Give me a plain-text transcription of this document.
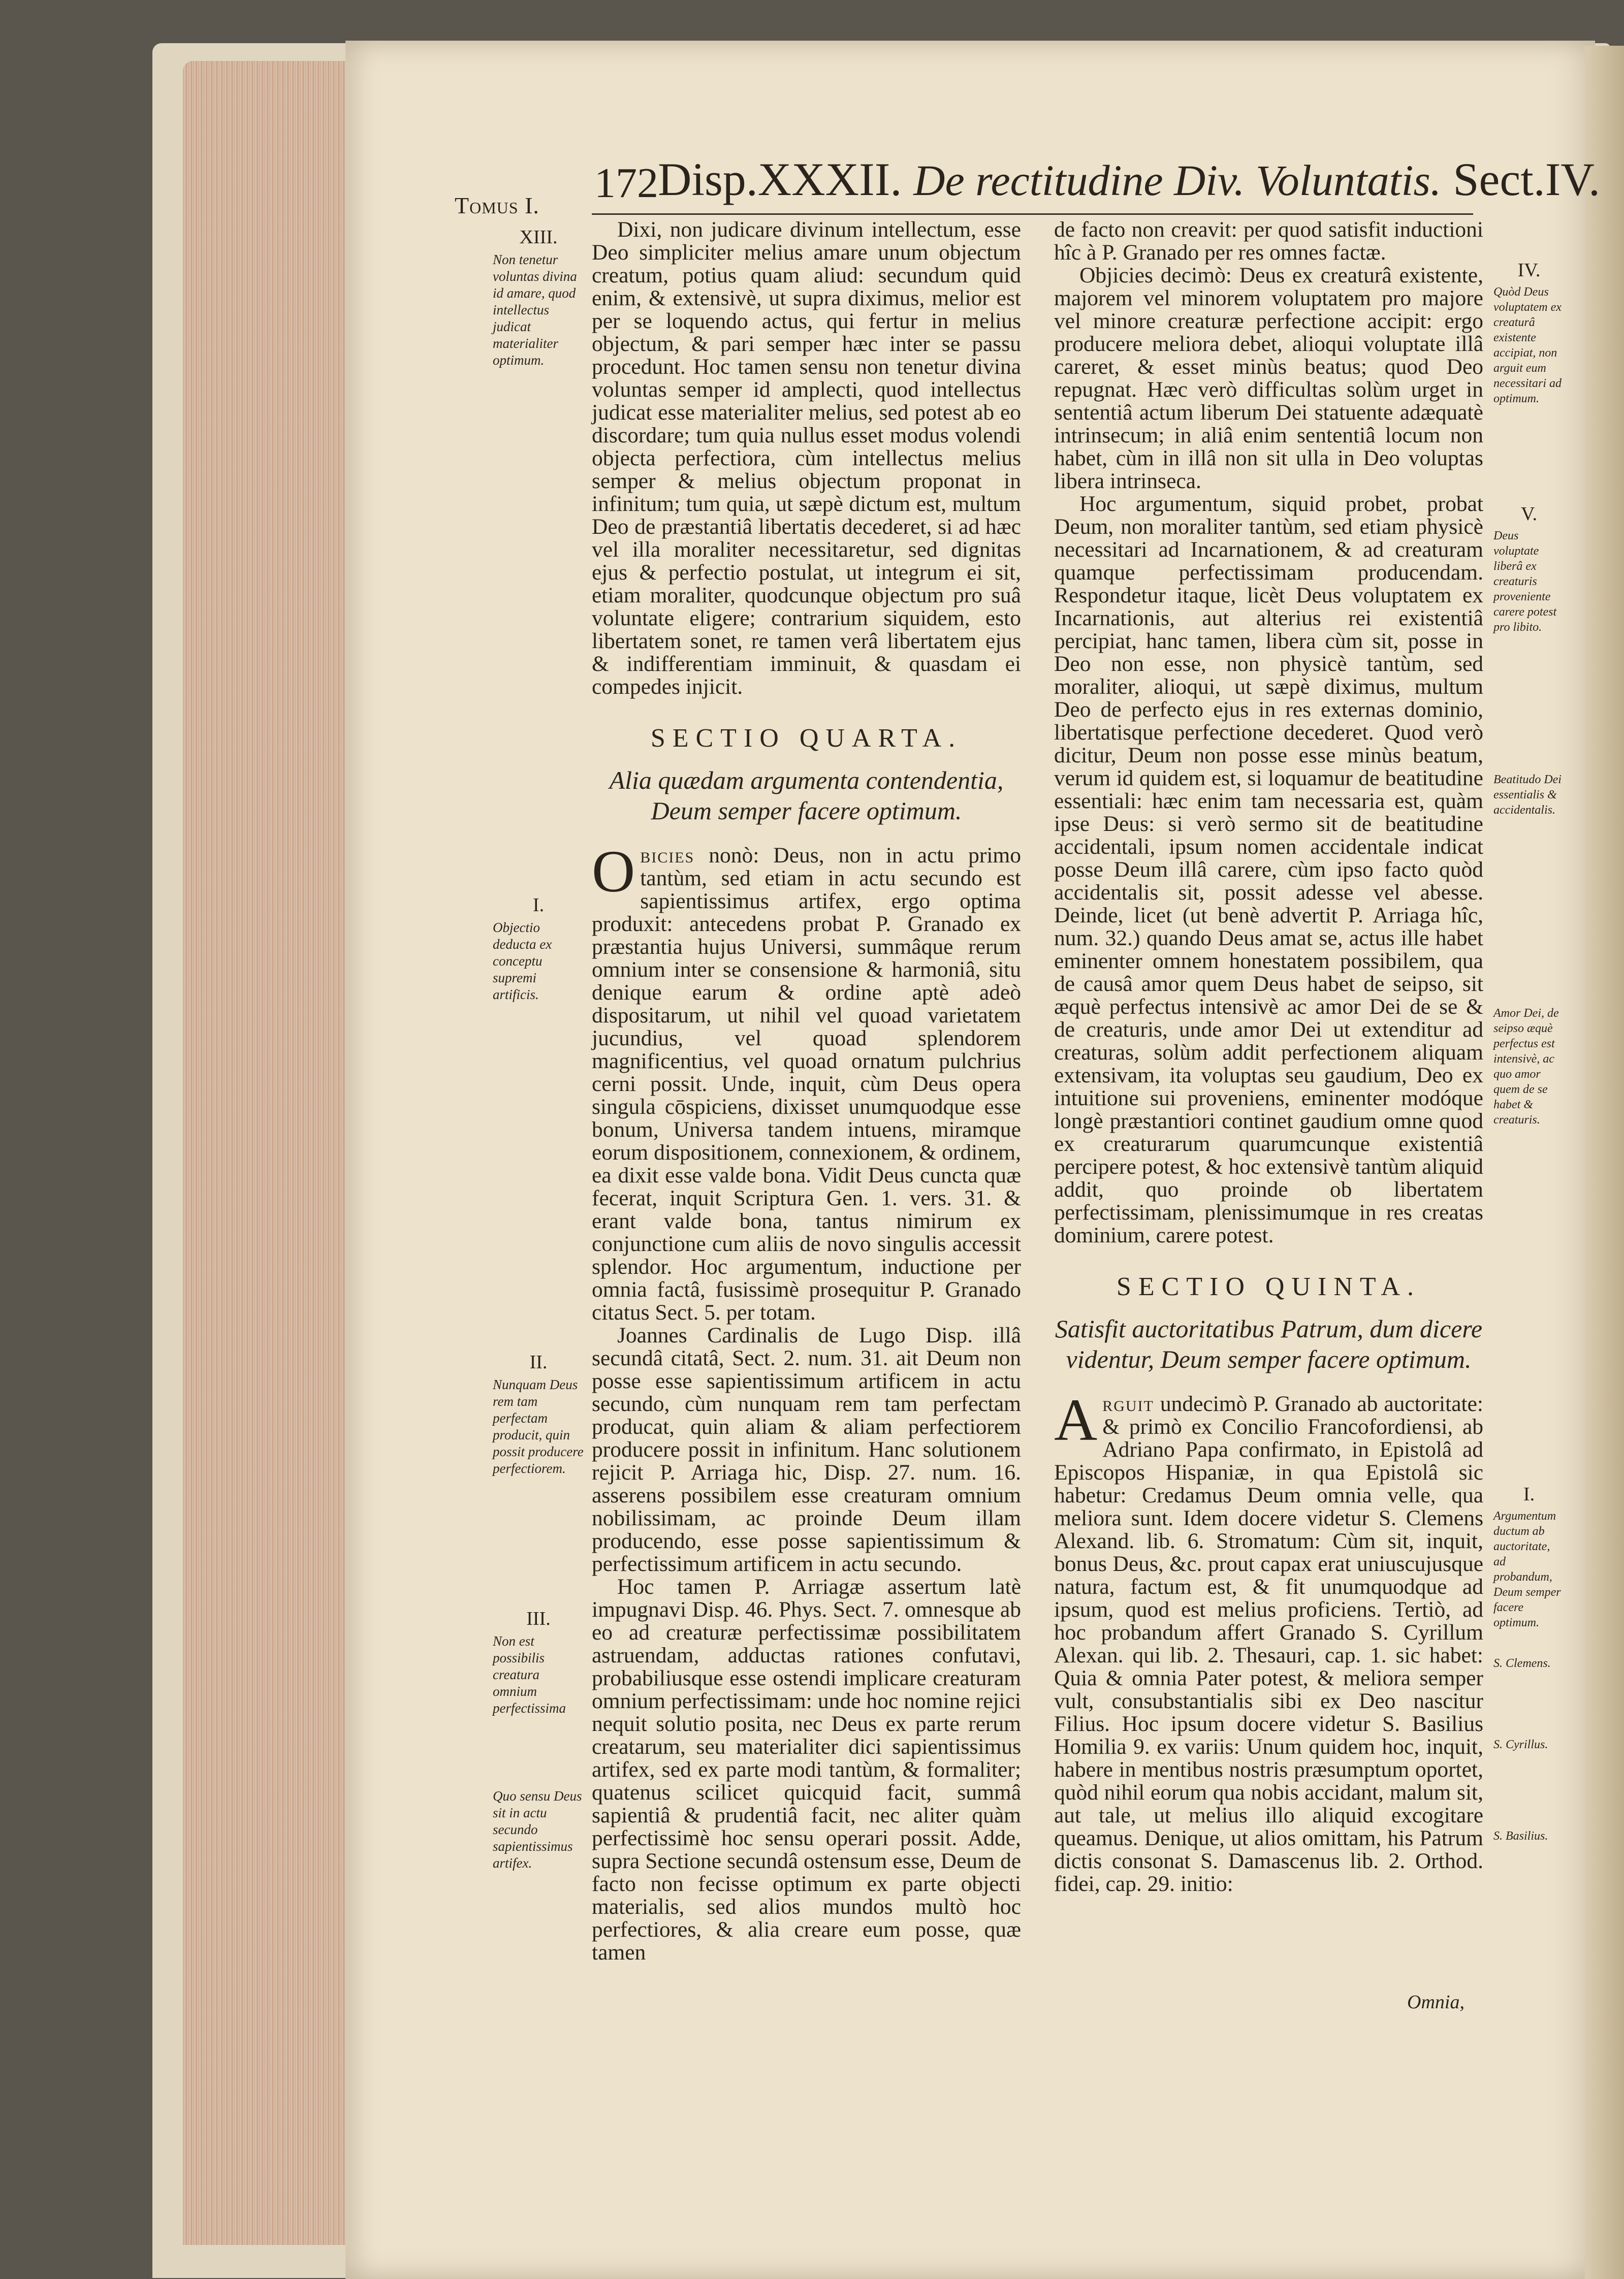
Tomus I. 172 Disp.XXXII. De rectitudine Div. Voluntatis. Sect.IV.

Dixi, non judicare divinum intellectum, esse Deo simpliciter melius amare unum objectum creatum, potius quam aliud: secundum quid enim, & extensivè, ut supra diximus, melior est per se loquendo actus, qui fertur in melius objectum, & pari semper hæc inter se passu procedunt. Hoc tamen sensu non tenetur divina voluntas semper id amplecti, quod intellectus judicat esse materialiter melius, sed potest ab eo discordare; tum quia nullus esset modus volendi objecta perfectiora, cùm intellectus melius semper & melius objectum proponat in infinitum; tum quia, ut sæpè dictum est, multum Deo de præstantiâ libertatis decederet, si ad hæc vel illa moraliter necessitaretur, sed dignitas ejus & perfectio postulat, ut integrum ei sit, etiam moraliter, quodcunque objectum pro suâ voluntate eligere; contrarium siquidem, esto libertatem sonet, re tamen verâ libertatem ejus & indifferentiam imminuit, & quasdam ei compedes injicit.

SECTIO QUARTA.
Alia quædam argumenta contendentia, Deum semper facere optimum.

Obicies nonò: Deus, non in actu primo tantùm, sed etiam in actu secundo est sapientissimus artifex, ergo optima produxit: antecedens probat P. Granado ex præstantia hujus Universi, summâque rerum omnium inter se consensione & harmoniâ, situ denique earum & ordine aptè adeò dispositarum, ut nihil vel quoad varietatem jucundius, vel quoad splendorem magnificentius, vel quoad ornatum pulchrius cerni possit. Unde, inquit, cùm Deus opera singula cōspiciens, dixisset unumquodque esse bonum, Universa tandem intuens, miramque eorum dispositionem, connexionem, & ordinem, ea dixit esse valde bona. Vidit Deus cuncta quæ fecerat, inquit Scriptura Gen. 1. vers. 31. & erant valde bona, tantus nimirum ex conjunctione cum aliis de novo singulis accessit splendor. Hoc argumentum, inductione per omnia factâ, fusissimè prosequitur P. Granado citatus Sect. 5. per totam.

Joannes Cardinalis de Lugo Disp. illâ secundâ citatâ, Sect. 2. num. 31. ait Deum non posse esse sapientissimum artificem in actu secundo, cùm nunquam rem tam perfectam producat, quin aliam & aliam perfectiorem producere possit in infinitum. Hanc solutionem rejicit P. Arriaga hic, Disp. 27. num. 16. asserens possibilem esse creaturam omnium nobilissimam, ac proinde Deum illam producendo, esse posse sapientissimum & perfectissimum artificem in actu secundo.

Hoc tamen P. Arriagæ assertum latè impugnavi Disp. 46. Phys. Sect. 7. omnesque ab eo ad creaturæ perfectissimæ possibilitatem astruendam, adductas rationes confutavi, probabiliusque esse ostendi implicare creaturam omnium perfectissimam: unde hoc nomine rejici nequit solutio posita, nec Deus ex parte rerum creatarum, seu materialiter dici sapientissimus artifex, sed ex parte modi tantùm, & formaliter; quatenus scilicet quicquid facit, summâ sapientiâ & prudentiâ facit, nec aliter quàm perfectissimè hoc sensu operari possit. Adde, supra Sectione secundâ ostensum esse, Deum de facto non fecisse optimum ex parte objecti materialis, sed alios mundos multò hoc perfectiores, & alia creare eum posse, quæ tamen

de facto non creavit: per quod satisfit inductioni hîc à P. Granado per res omnes factæ.

Objicies decimò: Deus ex creaturâ existente, majorem vel minorem voluptatem pro majore vel minore creaturæ perfectione accipit: ergo producere meliora debet, alioqui voluptate illâ careret, & esset minùs beatus; quod Deo repugnat. Hæc verò difficultas solùm urget in sententiâ actum liberum Dei statuente adæquatè intrinsecum; in aliâ enim sententiâ locum non habet, cùm in illâ non sit ulla in Deo voluptas libera intrinseca.

Hoc argumentum, siquid probet, probat Deum, non moraliter tantùm, sed etiam physicè necessitari ad Incarnationem, & ad creaturam quamque perfectissimam producendam. Respondetur itaque, licèt Deus voluptatem ex Incarnationis, aut alterius rei existentiâ percipiat, hanc tamen, libera cùm sit, posse in Deo non esse, non physicè tantùm, sed moraliter, alioqui, ut sæpè diximus, multum Deo de perfecto ejus in res externas dominio, libertatisque perfectione decederet. Quod verò dicitur, Deum non posse esse minùs beatum, verum id quidem est, si loquamur de beatitudine essentiali: hæc enim tam necessaria est, quàm ipse Deus: si verò sermo sit de beatitudine accidentali, ipsum nomen accidentale indicat posse Deum illâ carere, cùm ipso facto quòd accidentalis sit, possit adesse vel abesse. Deinde, licet (ut benè advertit P. Arriaga hîc, num. 32.) quando Deus amat se, actus ille habet eminenter omnem honestatem possibilem, qua de causâ amor quem Deus habet de seipso, sit æquè perfectus intensivè ac amor Dei de se & de creaturis, unde amor Dei ut extenditur ad creaturas, solùm addit perfectionem aliquam extensivam, ita voluptas seu gaudium, Deo ex intuitione sui proveniens, eminenter modóque longè præstantiori continet gaudium omne quod ex creaturarum quarumcunque existentiâ percipere potest, & hoc extensivè tantùm aliquid addit, quo proinde ob libertatem perfectissimam, plenissimumque in res creatas dominium, carere potest.

SECTIO QUINTA.
Satisfit auctoritatibus Patrum, dum dicere videntur, Deum semper facere optimum.

Arguit undecimò P. Granado ab auctoritate: & primò ex Concilio Francofordiensi, ab Adriano Papa confirmato, in Epistolâ ad Episcopos Hispaniæ, in qua Epistolâ sic habetur: Credamus Deum omnia velle, qua meliora sunt. Idem docere videtur S. Clemens Alexand. lib. 6. Stromatum: Cùm sit, inquit, bonus Deus, &c. prout capax erat uniuscujusque natura, factum est, & fit unumquodque ad ipsum, quod est melius proficiens. Tertiò, ad hoc probandum affert Granado S. Cyrillum Alexan. qui lib. 2. Thesauri, cap. 1. sic habet: Quia & omnia Pater potest, & meliora semper vult, consubstantialis sibi ex Deo nascitur Filius. Hoc ipsum docere videtur S. Basilius Homilia 9. ex variis: Unum quidem hoc, inquit, habere in mentibus nostris præsumptum oportet, quòd nihil eorum qua nobis accidant, malum sit, aut tale, ut melius illo aliquid excogitare queamus. Denique, ut alios omittam, his Patrum dictis consonat S. Damascenus lib. 2. Orthod. fidei, cap. 29. initio:

Omnia,
XIII.
Non tenetur voluntas divina id amare, quod intellectus judicat materialiter optimum.
I.
Objectio deducta ex conceptu supremi artificis.
II.
Nunquam Deus rem tam perfectam producit, quin possit producere perfectiorem.
III.
Non est possibilis creatura omnium perfectissima
Quo sensu Deus sit in actu secundo sapientissimus artifex.
IV.
Quòd Deus voluptatem ex creaturâ existente accipiat, non arguit eum necessitari ad optimum.
V.
Deus voluptate liberâ ex creaturis proveniente carere potest pro libito.
Beatitudo Dei essentialis & accidentalis.
Amor Dei, de seipso æquè perfectus est intensivè, ac quo amor quem de se habet & creaturis.
I.
Argumentum ductum ab auctoritate, ad probandum, Deum semper facere optimum.
S. Clemens.
S. Cyrillus.
S. Basilius.
